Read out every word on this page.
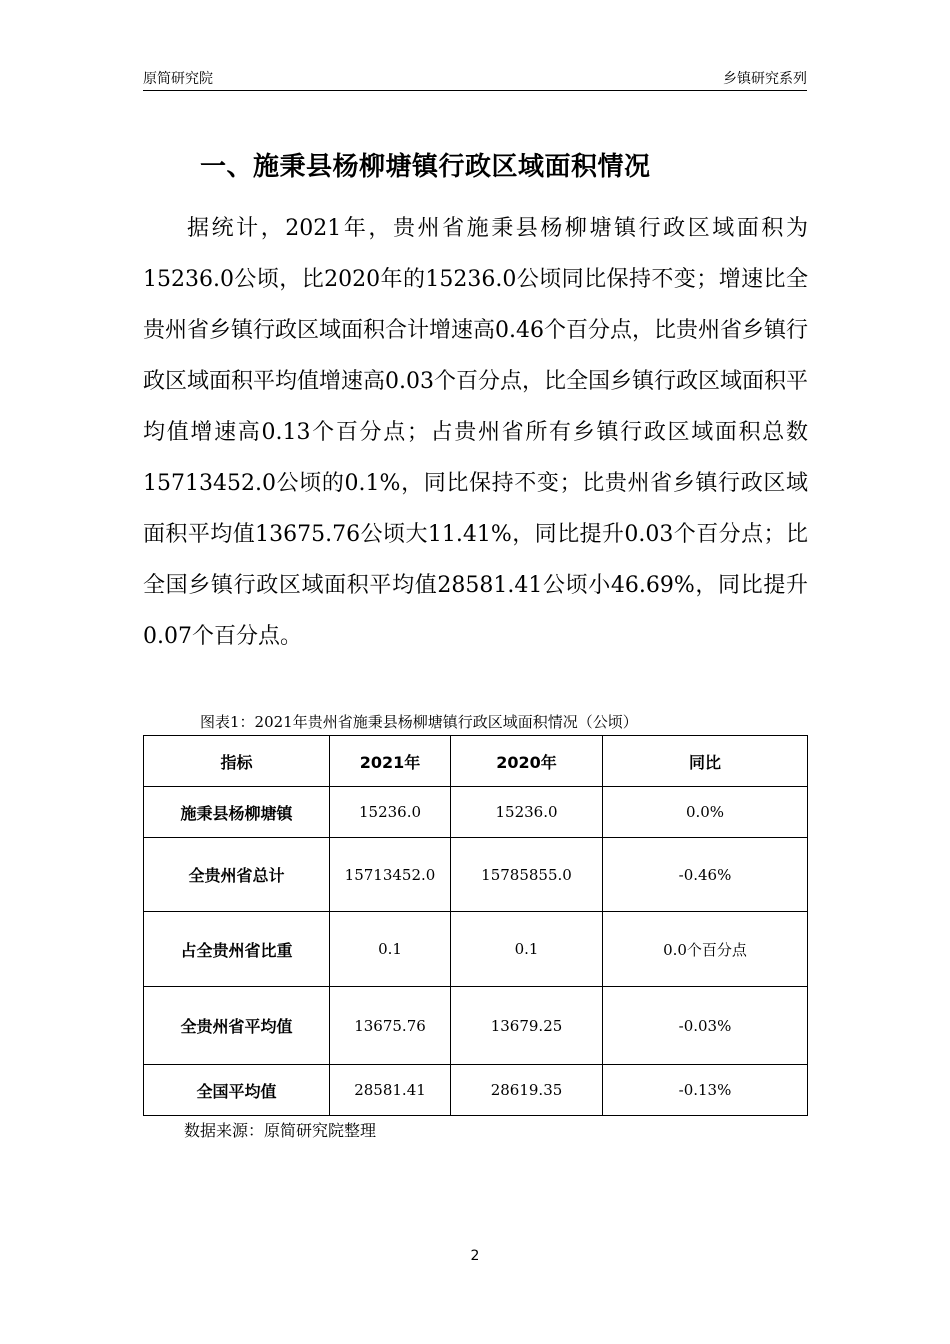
原简研究院	乡镇研究系列
一、施秉县杨柳塘镇行政区域面积情况

据统计，2021年，贵州省施秉县杨柳塘镇行政区域面积为15236.0公顷，比2020年的15236.0公顷同比保持不变；增速比全贵州省乡镇行政区域面积合计增速高0.46个百分点，比贵州省乡镇行政区域面积平均值增速高0.03个百分点，比全国乡镇行政区域面积平均值增速高0.13个百分点；占贵州省所有乡镇行政区域面积总数15713452.0公顷的0.1%，同比保持不变；比贵州省乡镇行政区域面积平均值13675.76公顷大11.41%，同比提升0.03个百分点；比全国乡镇行政区域面积平均值28581.41公顷小46.69%，同比提升0.07个百分点。

图表1：2021年贵州省施秉县杨柳塘镇行政区域面积情况（公顷）
指标	2021年	2020年	同比
施秉县杨柳塘镇	15236.0	15236.0	0.0%
全贵州省总计	15713452.0	15785855.0	-0.46%
占全贵州省比重	0.1	0.1	0.0个百分点
全贵州省平均值	13675.76	13679.25	-0.03%
全国平均值	28581.41	28619.35	-0.13%
数据来源：原简研究院整理
2
